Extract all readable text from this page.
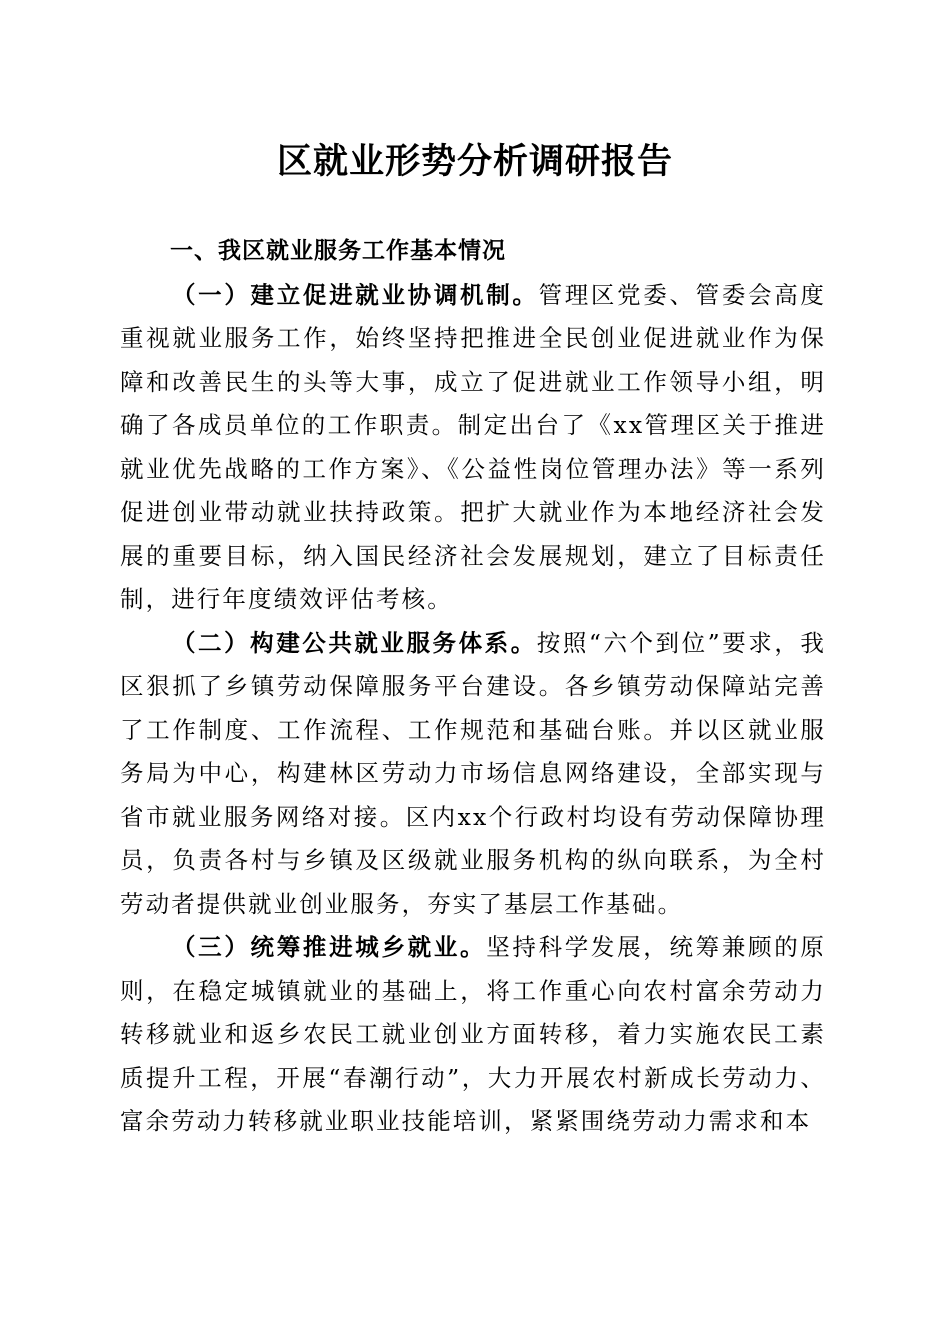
区就业形势分析调研报告
一、我区就业服务工作基本情况

（一）建立促进就业协调机制。管理区党委、管委会高度重视就业服务工作，始终坚持把推进全民创业促进就业作为保障和改善民生的头等大事，成立了促进就业工作领导小组，明确了各成员单位的工作职责。制定出台了《xx管理区关于推进就业优先战略的工作方案》、《公益性岗位管理办法》等一系列促进创业带动就业扶持政策。把扩大就业作为本地经济社会发展的重要目标，纳入国民经济社会发展规划，建立了目标责任制，进行年度绩效评估考核。

（二）构建公共就业服务体系。按照“六个到位”要求，我区狠抓了乡镇劳动保障服务平台建设。各乡镇劳动保障站完善了工作制度、工作流程、工作规范和基础台账。并以区就业服务局为中心，构建林区劳动力市场信息网络建设，全部实现与省市就业服务网络对接。区内xx个行政村均设有劳动保障协理员，负责各村与乡镇及区级就业服务机构的纵向联系，为全村劳动者提供就业创业服务，夯实了基层工作基础。

（三）统筹推进城乡就业。坚持科学发展，统筹兼顾的原则，在稳定城镇就业的基础上，将工作重心向农村富余劳动力转移就业和返乡农民工就业创业方面转移，着力实施农民工素质提升工程，开展“春潮行动”，大力开展农村新成长劳动力、富余劳动力转移就业职业技能培训，紧紧围绕劳动力需求和本
